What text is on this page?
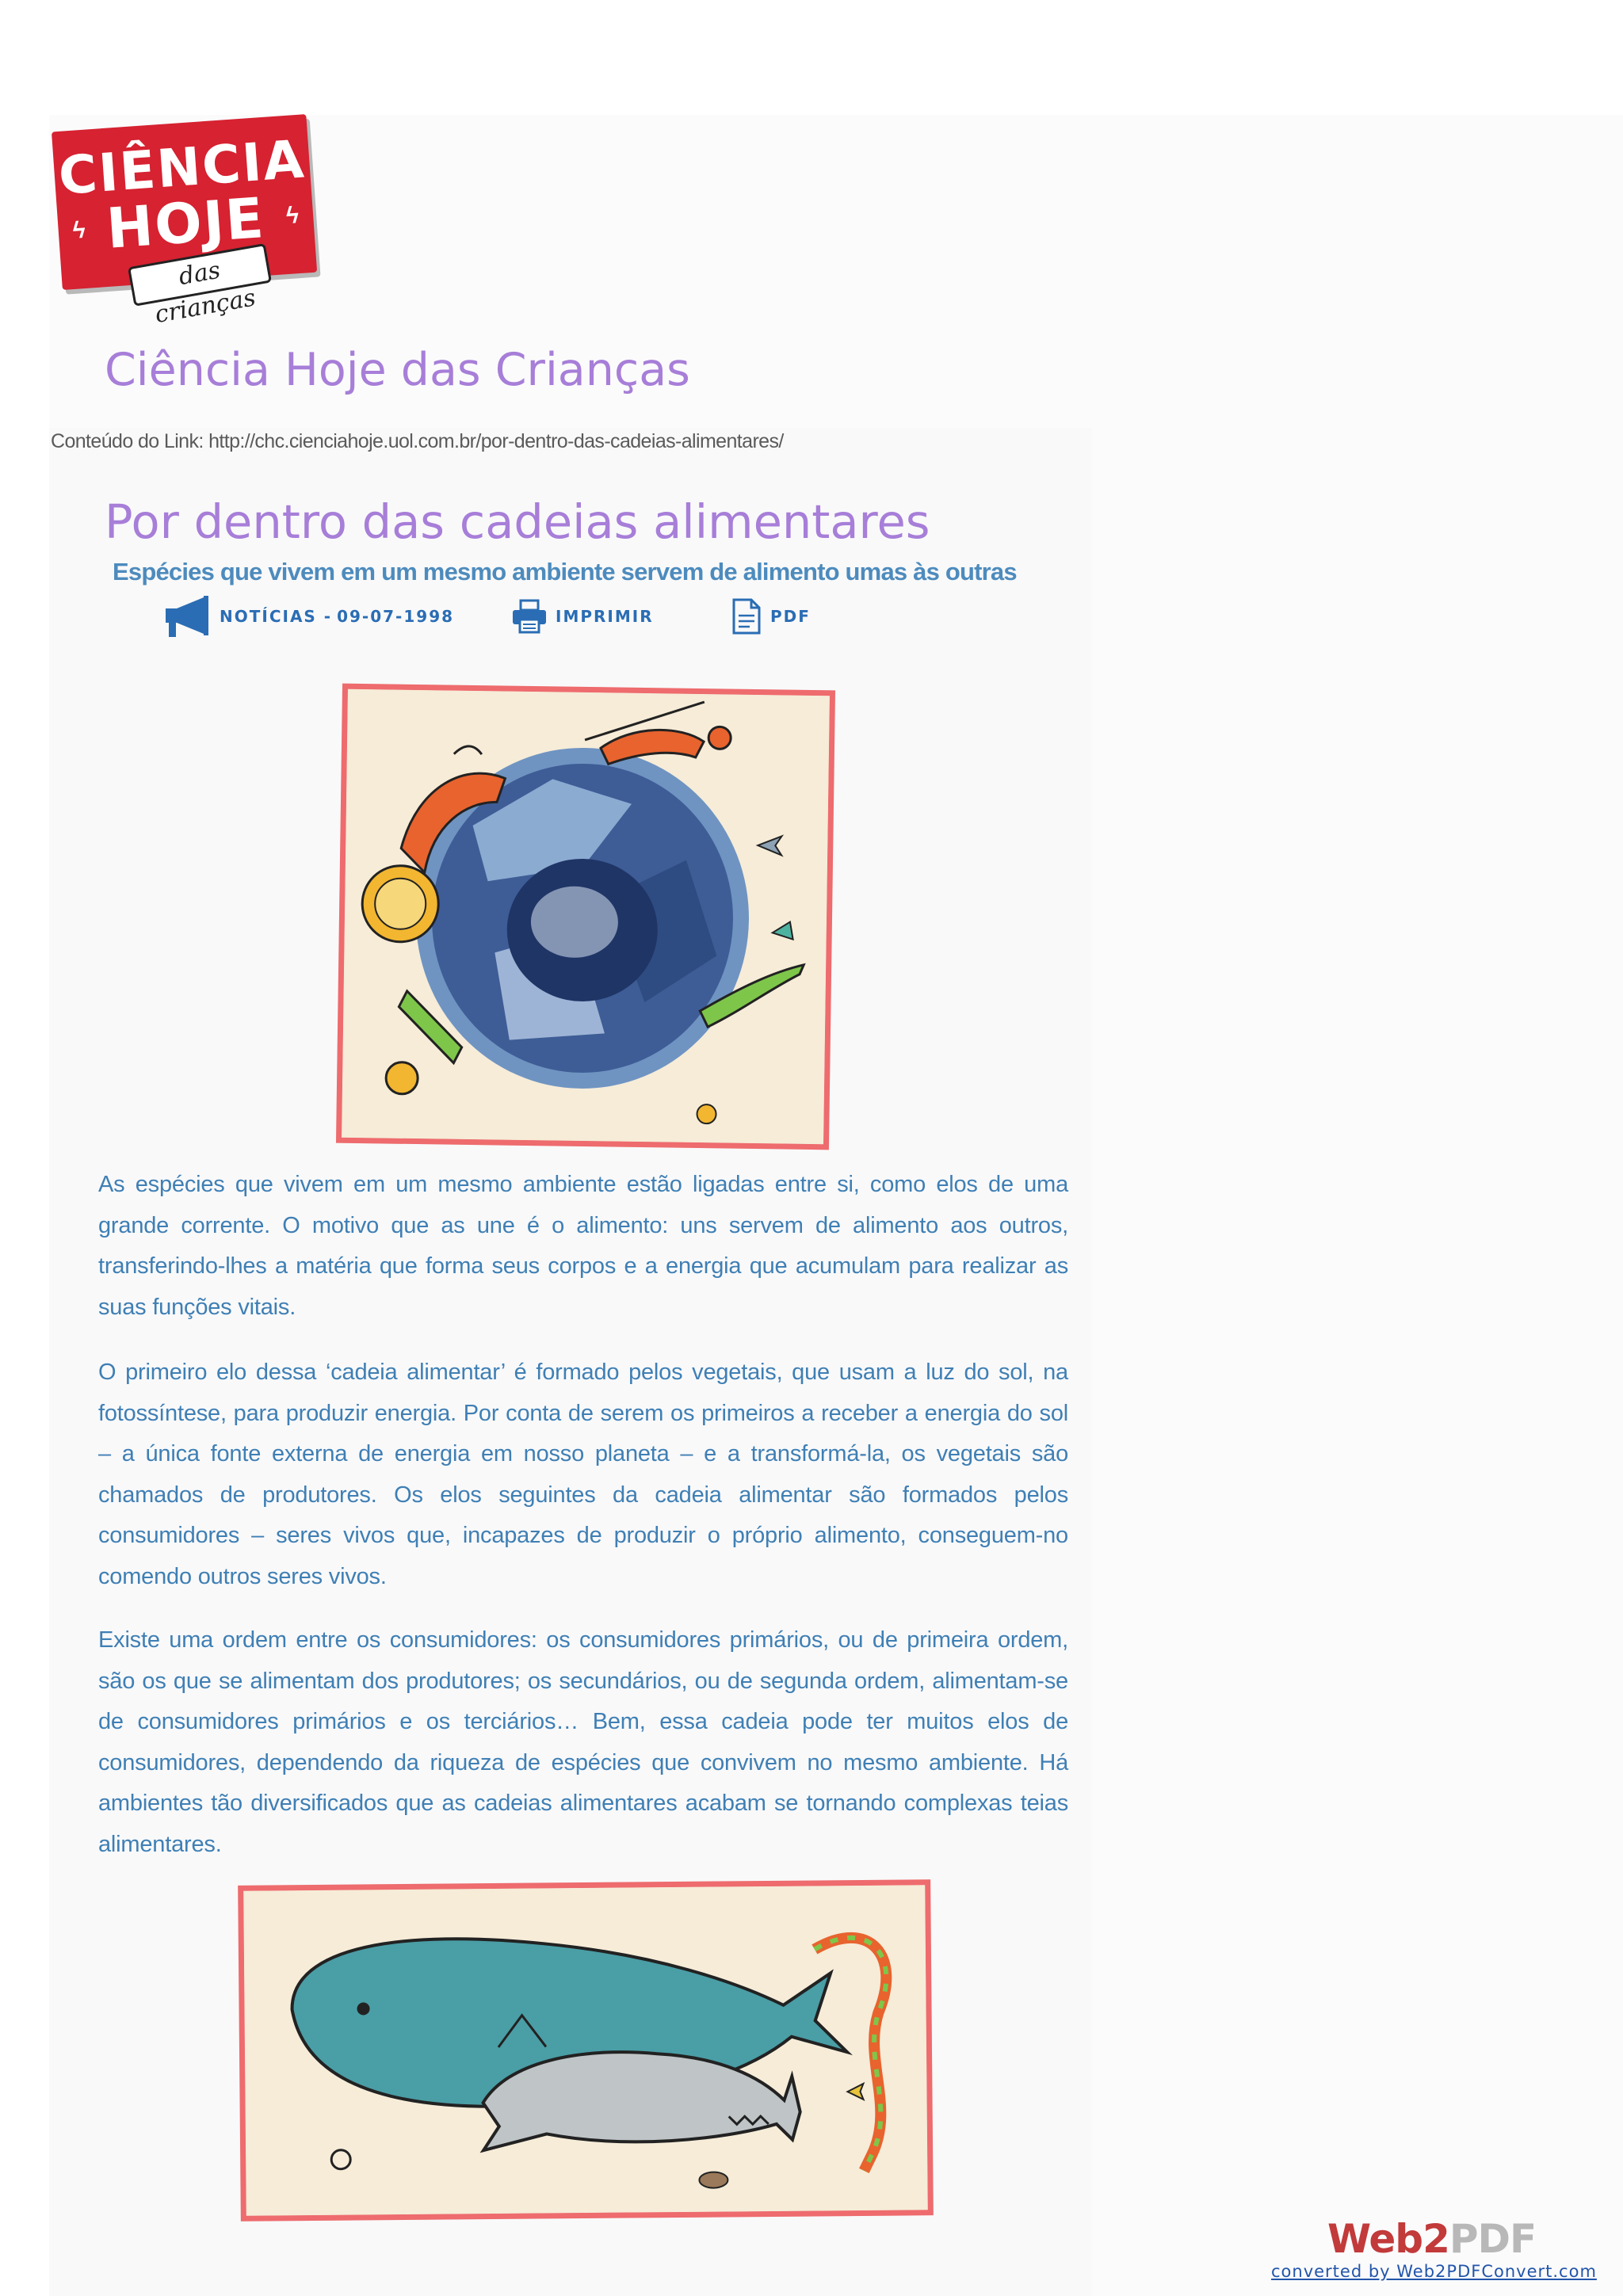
CIÊNCIA
HOJE
ϟ
ϟ
das crianças
Ciência Hoje das Crianças
Conteúdo do Link: http://chc.cienciahoje.uol.com.br/por-dentro-das-cadeias-alimentares/
Por dentro das cadeias alimentares
Espécies que vivem em um mesmo ambiente servem de alimento umas às outras
NOTÍCIAS - 09-07-1998	IMPRIMIR	PDF

As espécies que vivem em um mesmo ambiente estão ligadas entre si, como elos de uma grande corrente. O motivo que as une é o alimento: uns servem de alimento aos outros, transferindo-lhes a matéria que forma seus corpos e a energia que acumulam para realizar as suas funções vitais.

O primeiro elo dessa ‘cadeia alimentar’ é formado pelos vegetais, que usam a luz do sol, na fotossíntese, para produzir energia. Por conta de serem os primeiros a receber a energia do sol – a única fonte externa de energia em nosso planeta – e a transformá-la, os vegetais são chamados de produtores. Os elos seguintes da cadeia alimentar são formados pelos consumidores – seres vivos que, incapazes de produzir o próprio alimento, conseguem-no comendo outros seres vivos.

Existe uma ordem entre os consumidores: os consumidores primários, ou de primeira ordem, são os que se alimentam dos produtores; os secundários, ou de segunda ordem, alimentam-se de consumidores primários e os terciários… Bem, essa cadeia pode ter muitos elos de consumidores, dependendo da riqueza de espécies que convivem no mesmo ambiente. Há ambientes tão diversificados que as cadeias alimentares acabam se tornando complexas teias alimentares.

Web2PDF
converted by Web2PDFConvert.com
